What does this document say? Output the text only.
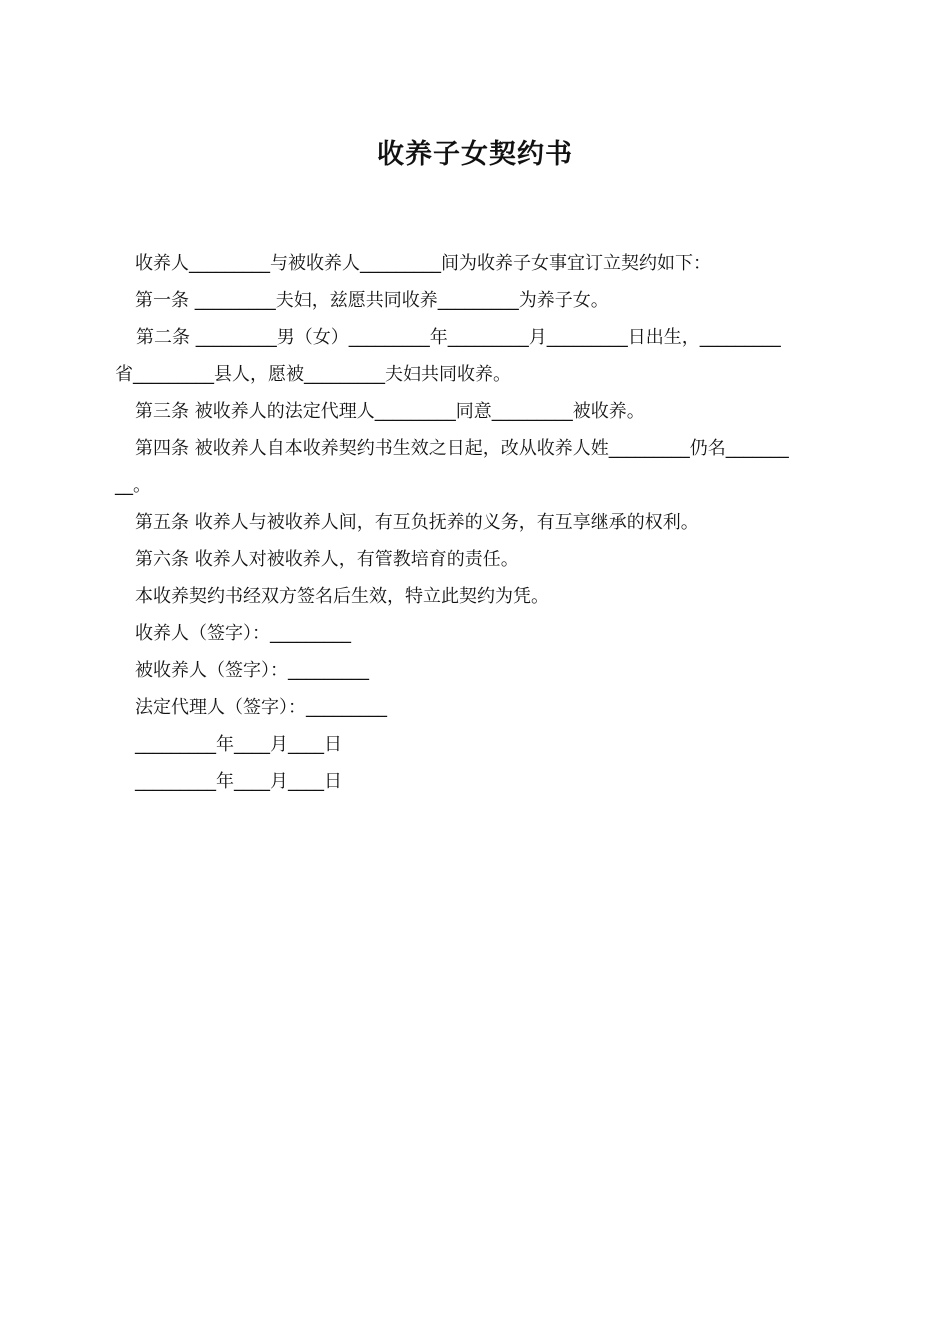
收养子女契约书

收养人_________与被收养人_________间为收养子女事宜订立契约如下：

第一条 _________夫妇，兹愿共同收养_________为养子女。

第二条 _________男（女）_________年_________月_________日出生，_________

省_________县人，愿被_________夫妇共同收养。

第三条 被收养人的法定代理人_________同意_________被收养。

第四条 被收养人自本收养契约书生效之日起，改从收养人姓_________仍名_______

__。

第五条 收养人与被收养人间，有互负抚养的义务，有互享继承的权利。

第六条 收养人对被收养人，有管教培育的责任。

本收养契约书经双方签名后生效，特立此契约为凭。

收养人（签字）：_________

被收养人（签字）：_________

法定代理人（签字）：_________

_________年____月____日

_________年____月____日
